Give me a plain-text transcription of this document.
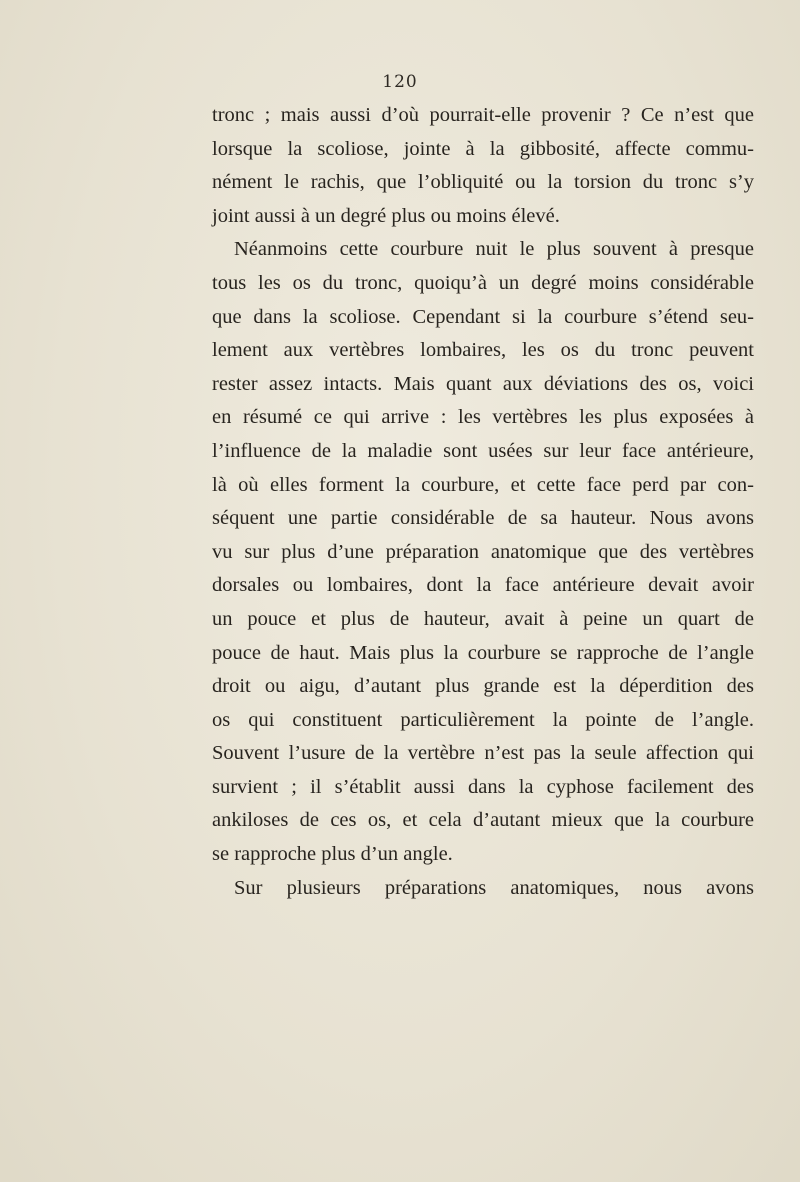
120
tronc ; mais aussi d’où pourrait-elle provenir ? Ce n’est que
lorsque la scoliose, jointe à la gibbosité, affecte commu-
nément le rachis, que l’obliquité ou la torsion du tronc s’y
joint aussi à un degré plus ou moins élevé.
Néanmoins cette courbure nuit le plus souvent à presque
tous les os du tronc, quoiqu’à un degré moins considérable
que dans la scoliose. Cependant si la courbure s’étend seu-
lement aux vertèbres lombaires, les os du tronc peuvent
rester assez intacts. Mais quant aux déviations des os, voici
en résumé ce qui arrive : les vertèbres les plus exposées à
l’influence de la maladie sont usées sur leur face antérieure,
là où elles forment la courbure, et cette face perd par con-
séquent une partie considérable de sa hauteur. Nous avons
vu sur plus d’une préparation anatomique que des vertèbres
dorsales ou lombaires, dont la face antérieure devait avoir
un pouce et plus de hauteur, avait à peine un quart de
pouce de haut. Mais plus la courbure se rapproche de l’angle
droit ou aigu, d’autant plus grande est la déperdition des
os qui constituent particulièrement la pointe de l’angle.
Souvent l’usure de la vertèbre n’est pas la seule affection qui
survient ; il s’établit aussi dans la cyphose facilement des
ankiloses de ces os, et cela d’autant mieux que la courbure
se rapproche plus d’un angle.
Sur plusieurs préparations anatomiques, nous avons
